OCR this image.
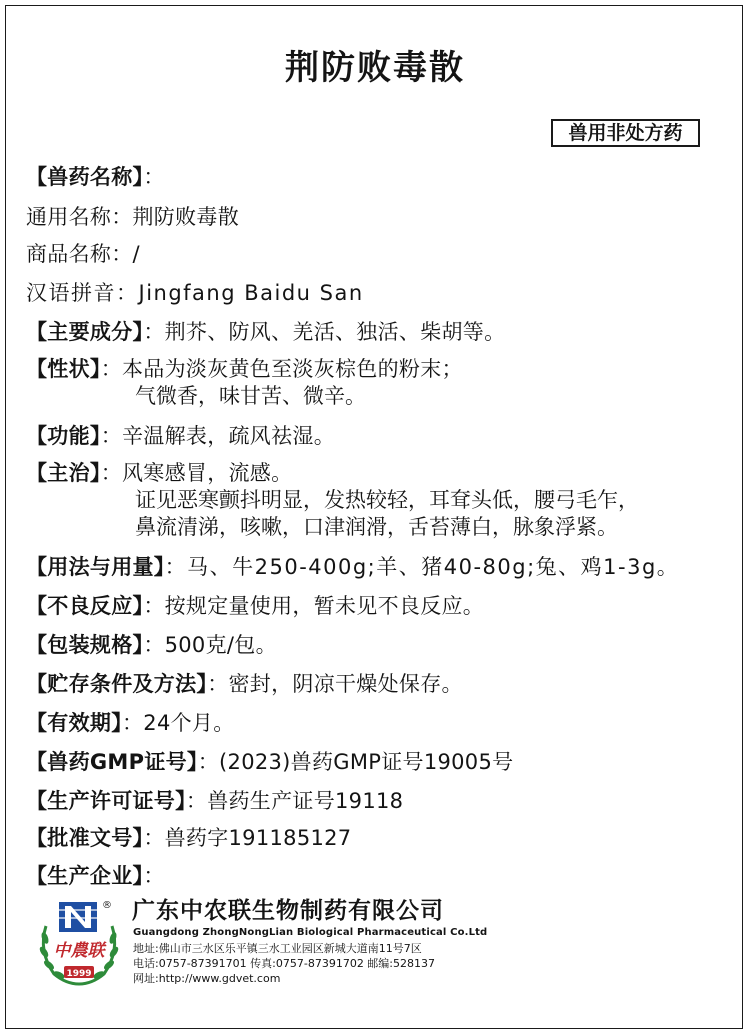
荆防败毒散
兽用非处方药
【兽药名称】：
通用名称：荆防败毒散
商品名称：/
汉语拼音：Jingfang Baidu San
【主要成分】：荆芥、防风、羌活、独活、柴胡等。
【性状】：本品为淡灰黄色至淡灰棕色的粉末；
气微香，味甘苦、微辛。
【功能】：辛温解表，疏风祛湿。
【主治】：风寒感冒，流感。
证见恶寒颤抖明显，发热较轻，耳耷头低，腰弓毛乍，
鼻流清涕，咳嗽，口津润滑，舌苔薄白，脉象浮紧。
【用法与用量】：马、牛250-400g;羊、猪40-80g;兔、鸡1-3g。
【不良反应】：按规定量使用，暂未见不良反应。
【包装规格】：500克/包。
【贮存条件及方法】：密封，阴凉干燥处保存。
【有效期】：24个月。
【兽药GMP证号】：(2023)兽药GMP证号19005号
【生产许可证号】：兽药生产证号19118
【批准文号】：兽药字191185127
【生产企业】：
®
中農联
1999
广东中农联生物制药有限公司
Guangdong ZhongNongLian Biological Pharmaceutical Co.Ltd
地址:佛山市三水区乐平镇三水工业园区新城大道南11号7区
电话:0757-87391701 传真:0757-87391702 邮编:528137
网址:http://www.gdvet.com
